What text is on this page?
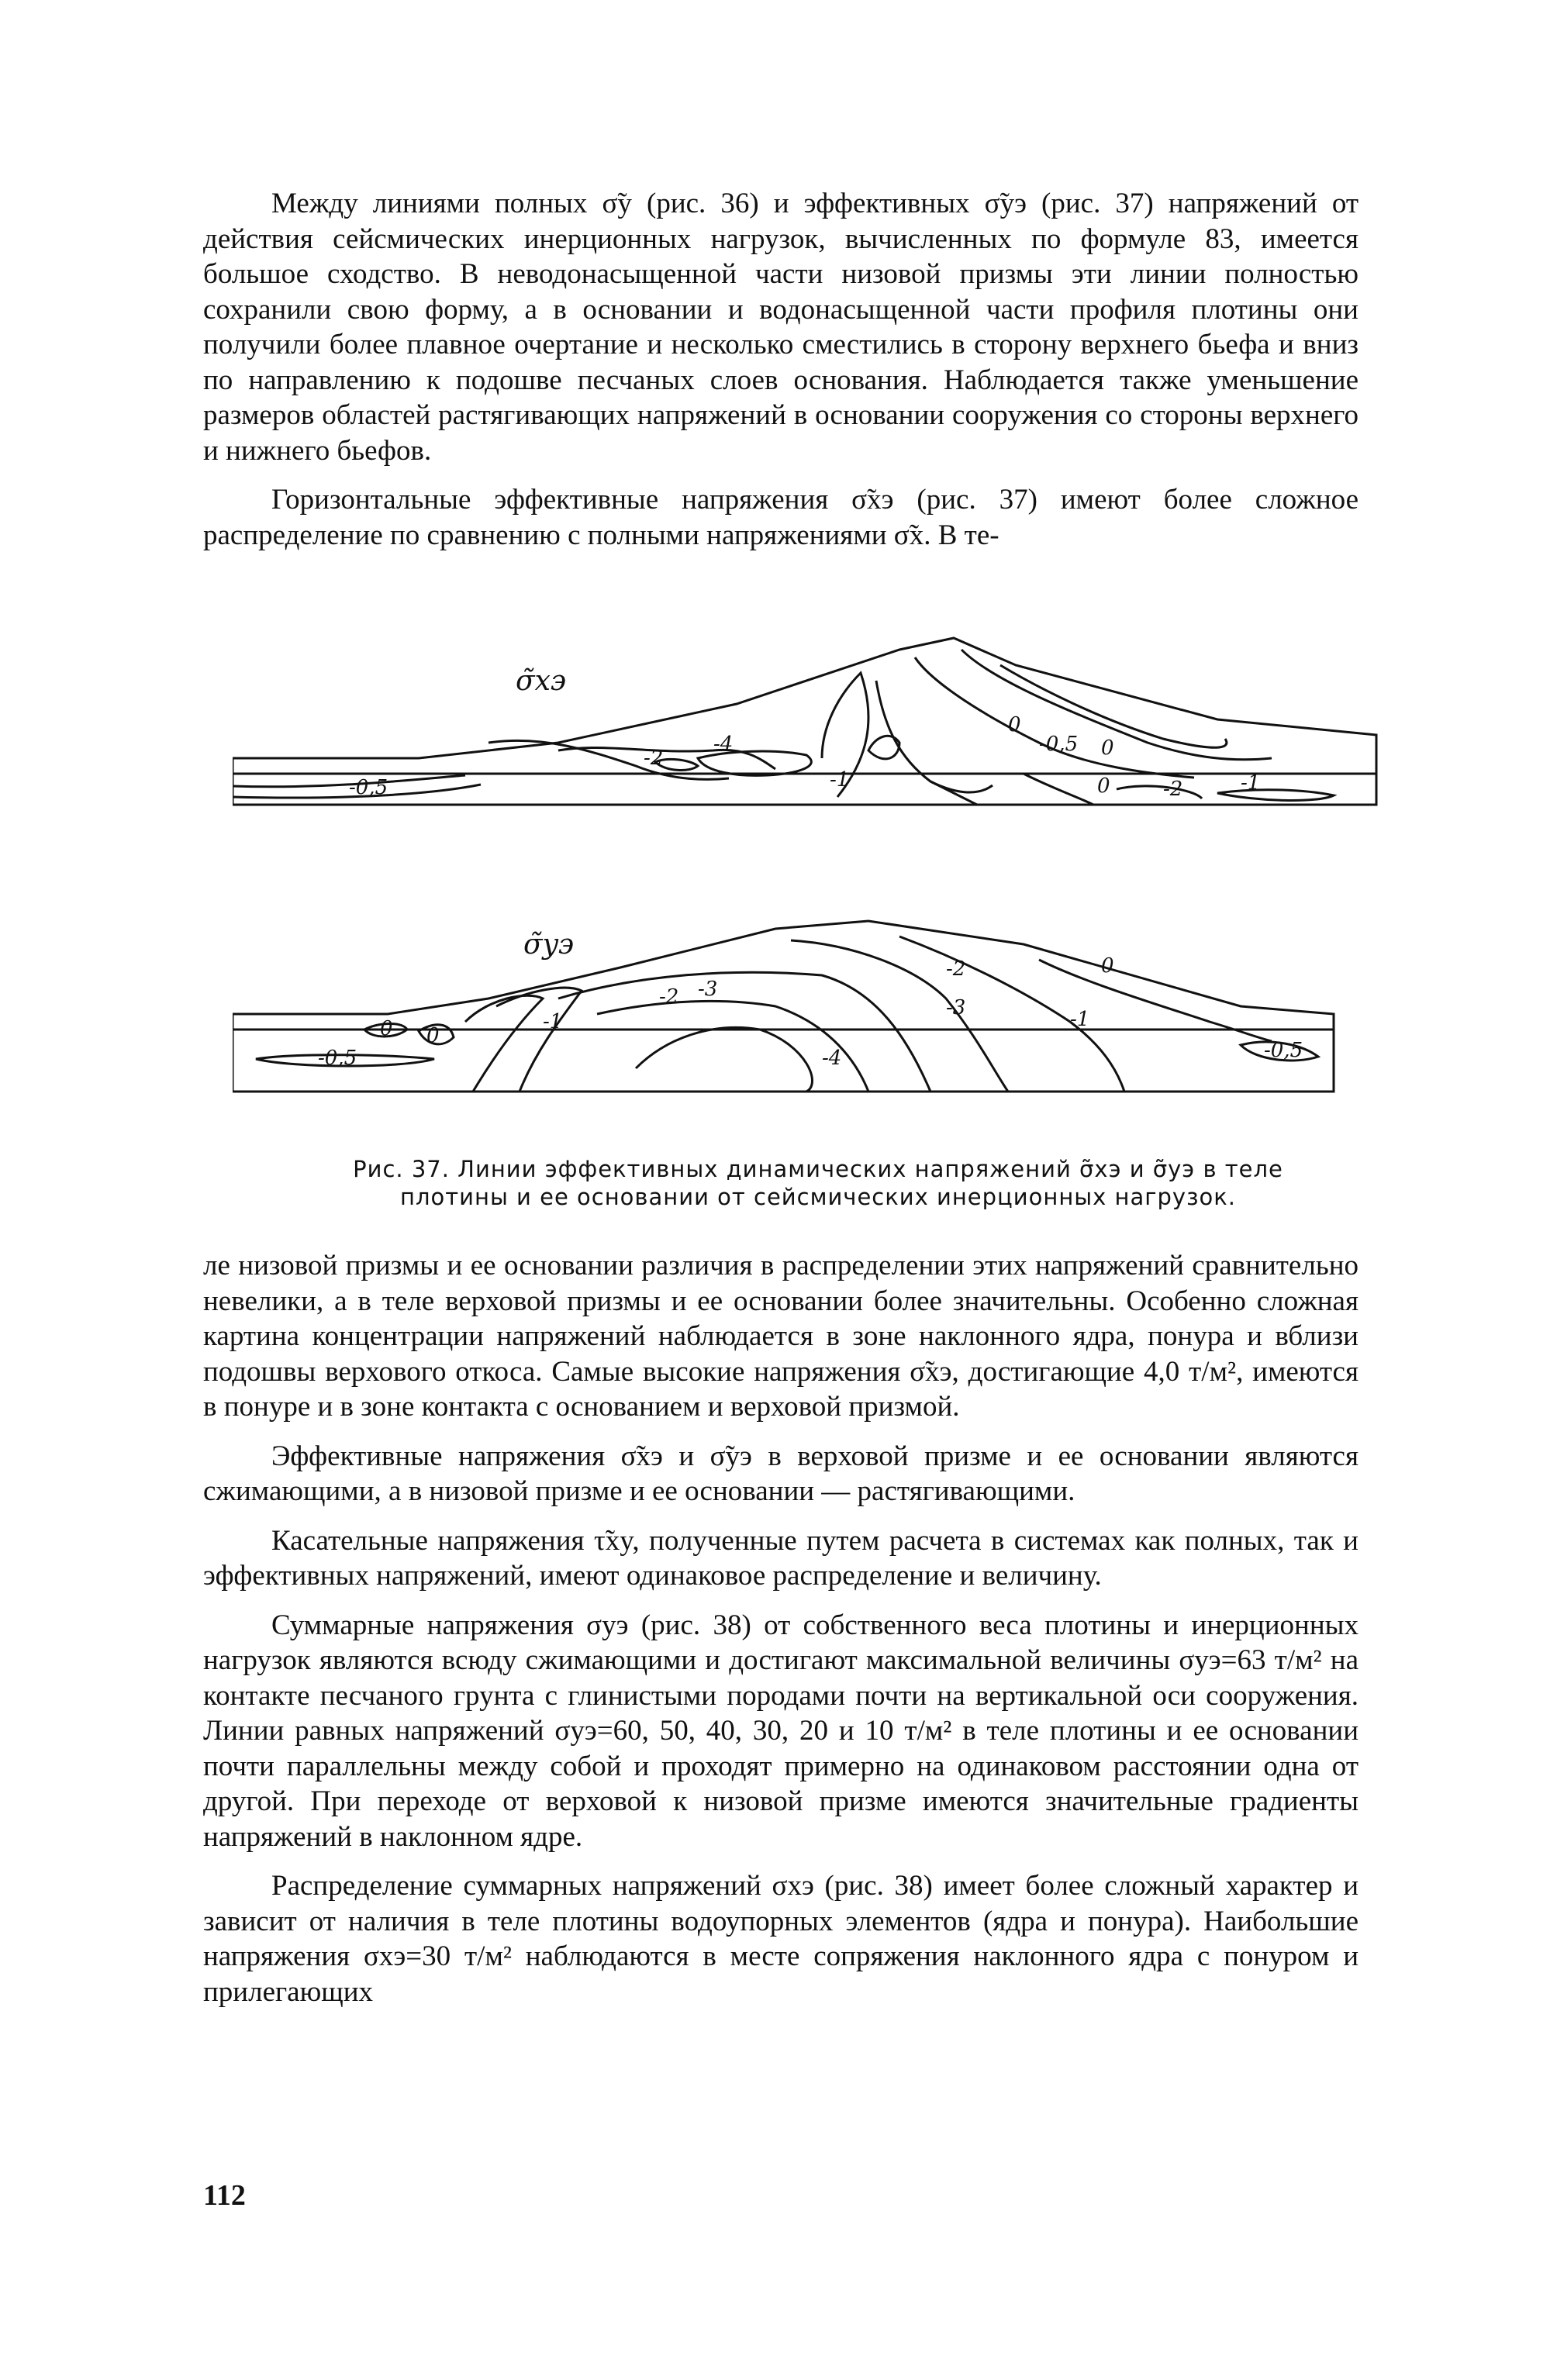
Между линиями полных σ̃y (рис. 36) и эффективных σ̃yэ (рис. 37) напряжений от действия сейсмических инерционных нагрузок, вычисленных по формуле 83, имеется большое сходство. В неводонасыщенной части низовой призмы эти линии полностью сохранили свою форму, а в основании и водонасыщенной части профиля плотины они получили более плавное очертание и несколько сместились в сторону верхнего бьефа и вниз по направлению к подошве песчаных слоев основания. Наблюдается также уменьшение размеров областей растягивающих напряжений в основании сооружения со стороны верхнего и нижнего бьефов.

Горизонтальные эффективные напряжения σ̃xэ (рис. 37) имеют более сложное распределение по сравнению с полными напряжениями σ̃x. В те-

-0,5
-2
-4
0
-0,5 0
-1	-2
0	-1
0 0
-0,5
-1
-2 -3
-2
-3
-4
0
-1
-0,5
σ̃xэ
σ̃yэ
Рис. 37. Линии эффективных динамических напряжений σ̃xэ и σ̃yэ в теле
плотины и ее основании от сейсмических инерционных нагрузок.

ле низовой призмы и ее основании различия в распределении этих напряжений сравнительно невелики, а в теле верховой призмы и ее основании более значительны. Особенно сложная картина концентрации напряжений наблюдается в зоне наклонного ядра, понура и вблизи подошвы верхового откоса. Самые высокие напряжения σ̃xэ, достигающие 4,0 т/м², имеются в понуре и в зоне контакта с основанием и верховой призмой.

Эффективные напряжения σ̃xэ и σ̃yэ в верховой призме и ее основании являются сжимающими, а в низовой призме и ее основании — растягивающими.

Касательные напряжения τ̃xy, полученные путем расчета в системах как полных, так и эффективных напряжений, имеют одинаковое распределение и величину.

Суммарные напряжения σyэ (рис. 38) от собственного веса плотины и инерционных нагрузок являются всюду сжимающими и достигают максимальной величины σyэ=63 т/м² на контакте песчаного грунта с глинистыми породами почти на вертикальной оси сооружения. Линии равных напряжений σyэ=60, 50, 40, 30, 20 и 10 т/м² в теле плотины и ее основании почти параллельны между собой и проходят примерно на одинаковом расстоянии одна от другой. При переходе от верховой к низовой призме имеются значительные градиенты напряжений в наклонном ядре.

Распределение суммарных напряжений σxэ (рис. 38) имеет более сложный характер и зависит от наличия в теле плотины водоупорных элементов (ядра и понура). Наибольшие напряжения σxэ=30 т/м² наблюдаются в месте сопряжения наклонного ядра с понуром и прилегающих

112
